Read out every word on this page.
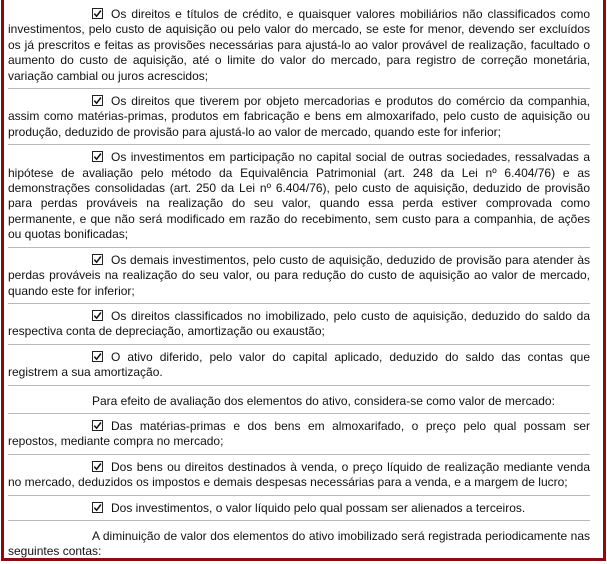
Os direitos e títulos de crédito, e quaisquer valores mobiliários não classificados como investimentos, pelo custo de aquisição ou pelo valor do mercado, se este for menor, devendo ser excluídos os já prescritos e feitas as provisões necessárias para ajustá-lo ao valor provável de realização, facultado o aumento do custo de aquisição, até o limite do valor do mercado, para registro de correção monetária, variação cambial ou juros acrescidos;

Os direitos que tiverem por objeto mercadorias e produtos do comércio da companhia, assim como matérias-primas, produtos em fabricação e bens em almoxarifado, pelo custo de aquisição ou produção, deduzido de provisão para ajustá-lo ao valor de mercado, quando este for inferior;

Os investimentos em participação no capital social de outras sociedades, ressalvadas a hipótese de avaliação pelo método da Equivalência Patrimonial (art. 248 da Lei nº 6.404/76) e as demonstrações consolidadas (art. 250 da Lei nº 6.404/76), pelo custo de aquisição, deduzido de provisão para perdas prováveis na realização do seu valor, quando essa perda estiver comprovada como permanente, e que não será modificado em razão do recebimento, sem custo para a companhia, de ações ou quotas bonificadas;

Os demais investimentos, pelo custo de aquisição, deduzido de provisão para atender às perdas prováveis na realização do seu valor, ou para redução do custo de aquisição ao valor de mercado, quando este for inferior;

Os direitos classificados no imobilizado, pelo custo de aquisição, deduzido do saldo da respectiva conta de depreciação, amortização ou exaustão;

O ativo diferido, pelo valor do capital aplicado, deduzido do saldo das contas que registrem a sua amortização.

Para efeito de avaliação dos elementos do ativo, considera-se como valor de mercado:

Das matérias-primas e dos bens em almoxarifado, o preço pelo qual possam ser repostos, mediante compra no mercado;

Dos bens ou direitos destinados à venda, o preço líquido de realização mediante venda no mercado, deduzidos os impostos e demais despesas necessárias para a venda, e a margem de lucro;

Dos investimentos, o valor líquido pelo qual possam ser alienados a terceiros.

A diminuição de valor dos elementos do ativo imobilizado será registrada periodicamente nas seguintes contas:
